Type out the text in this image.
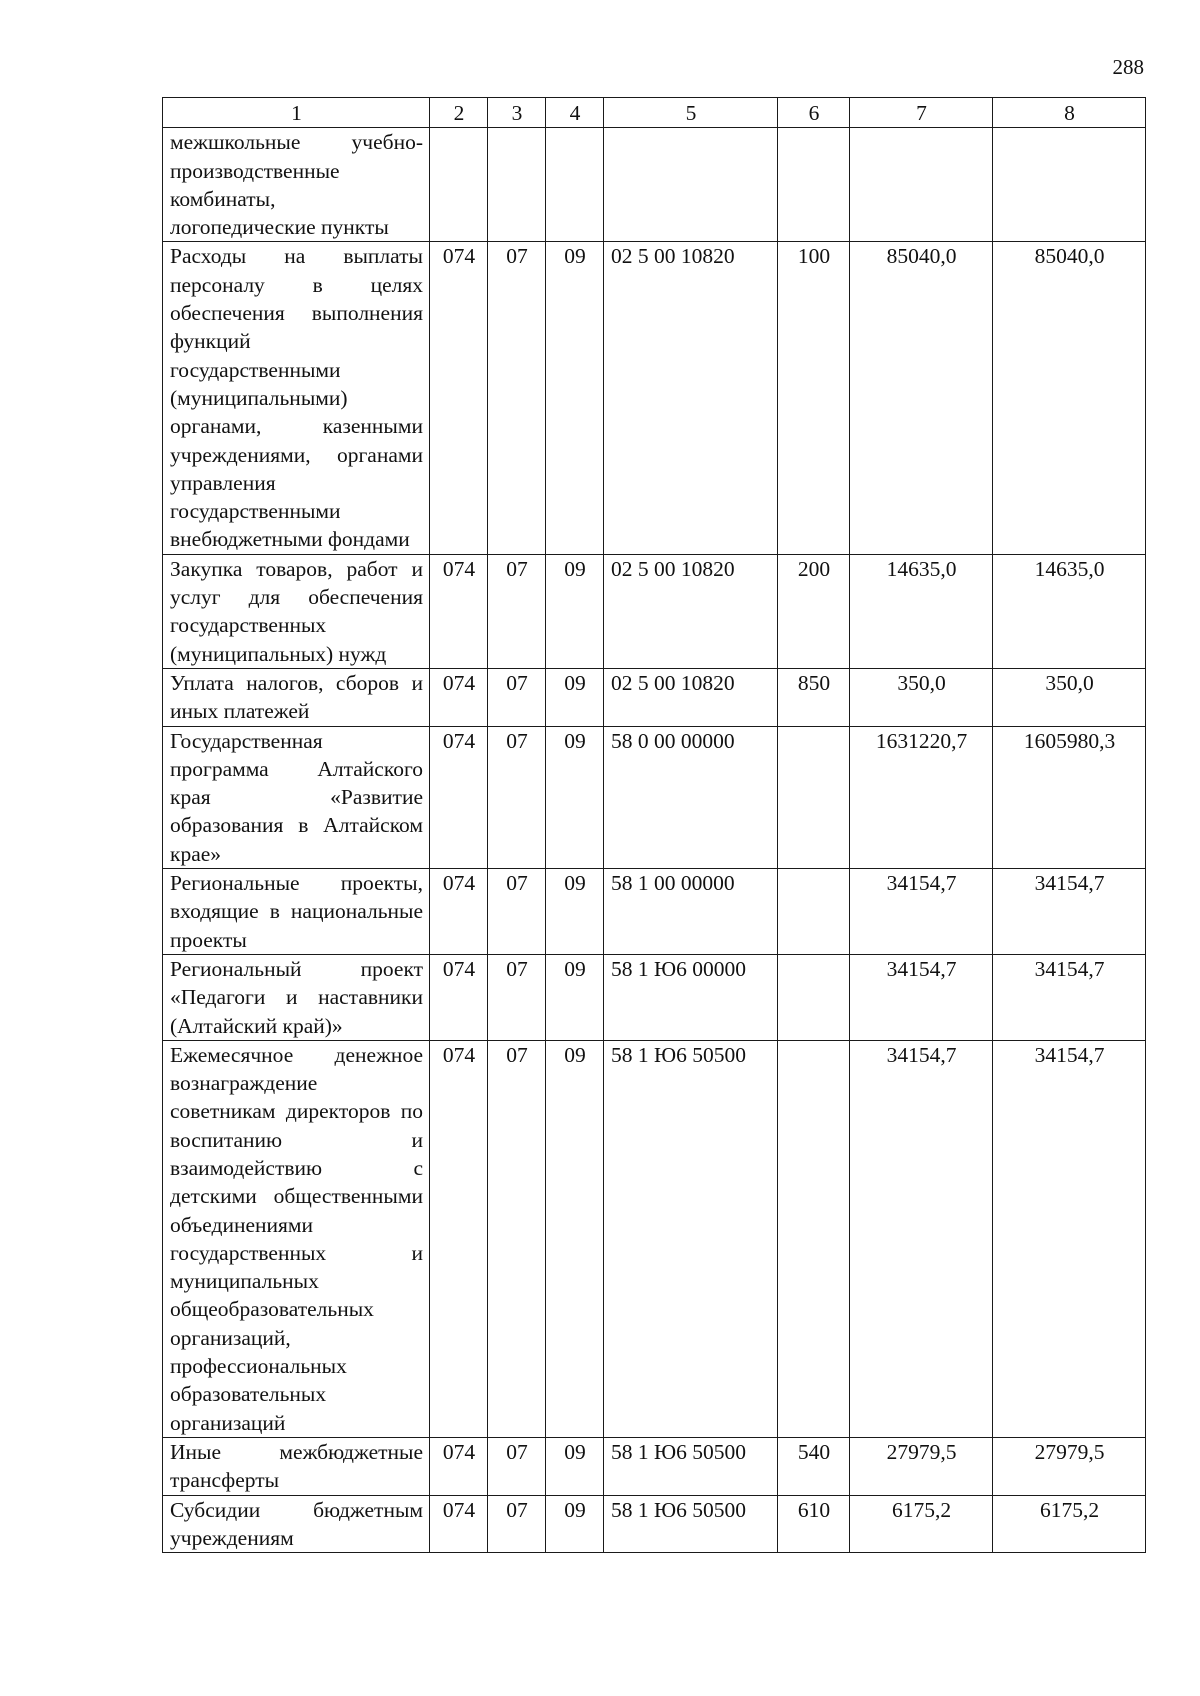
288
1	2	3	4	5	6	7	8
межшкольные учебно-производственные комбинаты, логопедические пункты							
Расходы на выплаты персоналу в целях обеспечения выполнения функций государственными (муниципальными) органами, казенными учреждениями, органами управления государственными внебюджетными фондами	074	07	09	02 5 00 10820	100	85040,0	85040,0
Закупка товаров, работ и услуг для обеспечения государственных (муниципальных) нужд	074	07	09	02 5 00 10820	200	14635,0	14635,0
Уплата налогов, сборов и иных платежей	074	07	09	02 5 00 10820	850	350,0	350,0
Государственная программа Алтайского края «Развитие образования в Алтайском крае»	074	07	09	58 0 00 00000		1631220,7	1605980,3
Региональные проекты, входящие в национальные проекты	074	07	09	58 1 00 00000		34154,7	34154,7
Региональный проект «Педагоги и наставники (Алтайский край)»	074	07	09	58 1 Ю6 00000		34154,7	34154,7
Ежемесячное денежное вознаграждение советникам директоров по воспитанию и взаимодействию с детскими общественными объединениями государственных и муниципальных общеобразовательных организаций, профессиональных образовательных организаций	074	07	09	58 1 Ю6 50500		34154,7	34154,7
Иные межбюджетные трансферты	074	07	09	58 1 Ю6 50500	540	27979,5	27979,5
Субсидии бюджетным учреждениям	074	07	09	58 1 Ю6 50500	610	6175,2	6175,2
